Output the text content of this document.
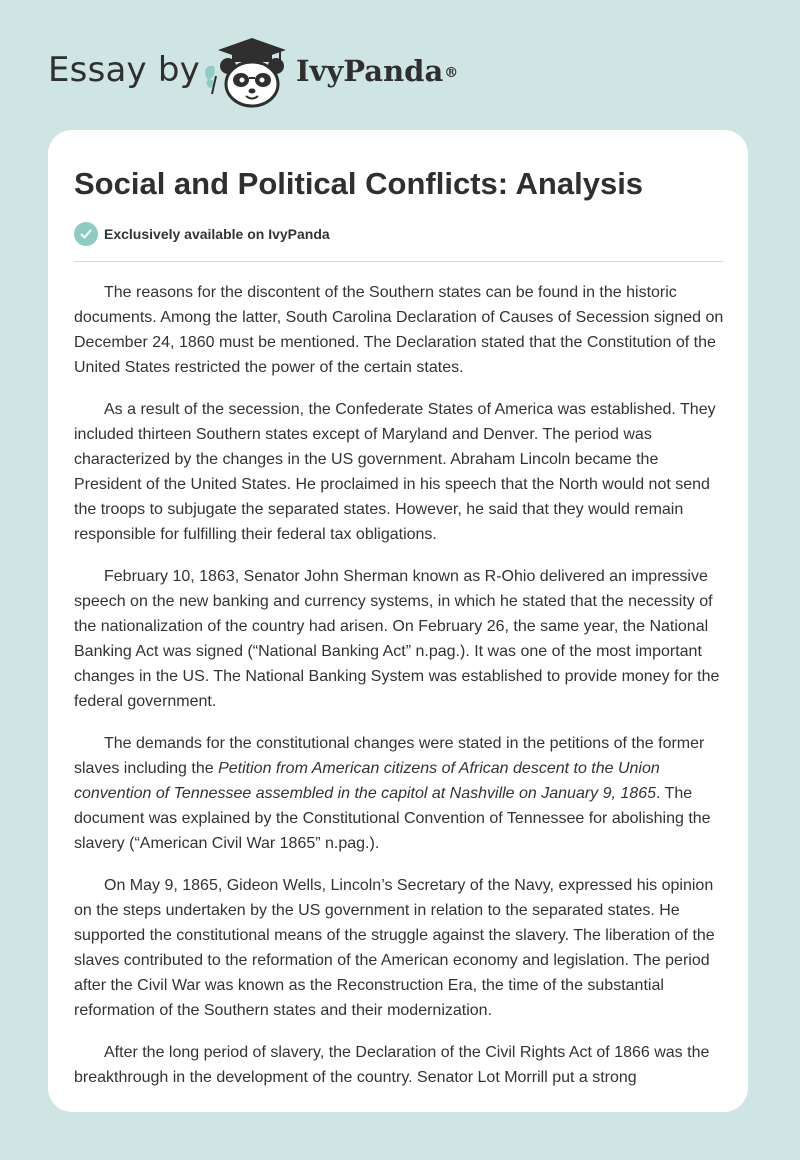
Essay by	IvyPanda®
Social and Political Conflicts: Analysis
Exclusively available on IvyPanda

The reasons for the discontent of the Southern states can be found in the historic documents. Among the latter, South Carolina Declaration of Causes of Secession signed on December 24, 1860 must be mentioned. The Declaration stated that the Constitution of the United States restricted the power of the certain states.

As a result of the secession, the Confederate States of America was established. They included thirteen Southern states except of Maryland and Denver. The period was characterized by the changes in the US government. Abraham Lincoln became the President of the United States. He proclaimed in his speech that the North would not send the troops to subjugate the separated states. However, he said that they would remain responsible for fulfilling their federal tax obligations.

February 10, 1863, Senator John Sherman known as R-Ohio delivered an impressive speech on the new banking and currency systems, in which he stated that the necessity of the nationalization of the country had arisen. On February 26, the same year, the National Banking Act was signed (“National Banking Act” n.pag.). It was one of the most important changes in the US. The National Banking System was established to provide money for the federal government.

The demands for the constitutional changes were stated in the petitions of the former slaves including the Petition from American citizens of African descent to the Union convention of Tennessee assembled in the capitol at Nashville on January 9, 1865. The document was explained by the Constitutional Convention of Tennessee for abolishing the slavery (“American Civil War 1865” n.pag.).

On May 9, 1865, Gideon Wells, Lincoln’s Secretary of the Navy, expressed his opinion on the steps undertaken by the US government in relation to the separated states. He supported the constitutional means of the struggle against the slavery. The liberation of the slaves contributed to the reformation of the American economy and legislation. The period after the Civil War was known as the Reconstruction Era, the time of the substantial reformation of the Southern states and their modernization.

After the long period of slavery, the Declaration of the Civil Rights Act of 1866 was the breakthrough in the development of the country. Senator Lot Morrill put a strong
